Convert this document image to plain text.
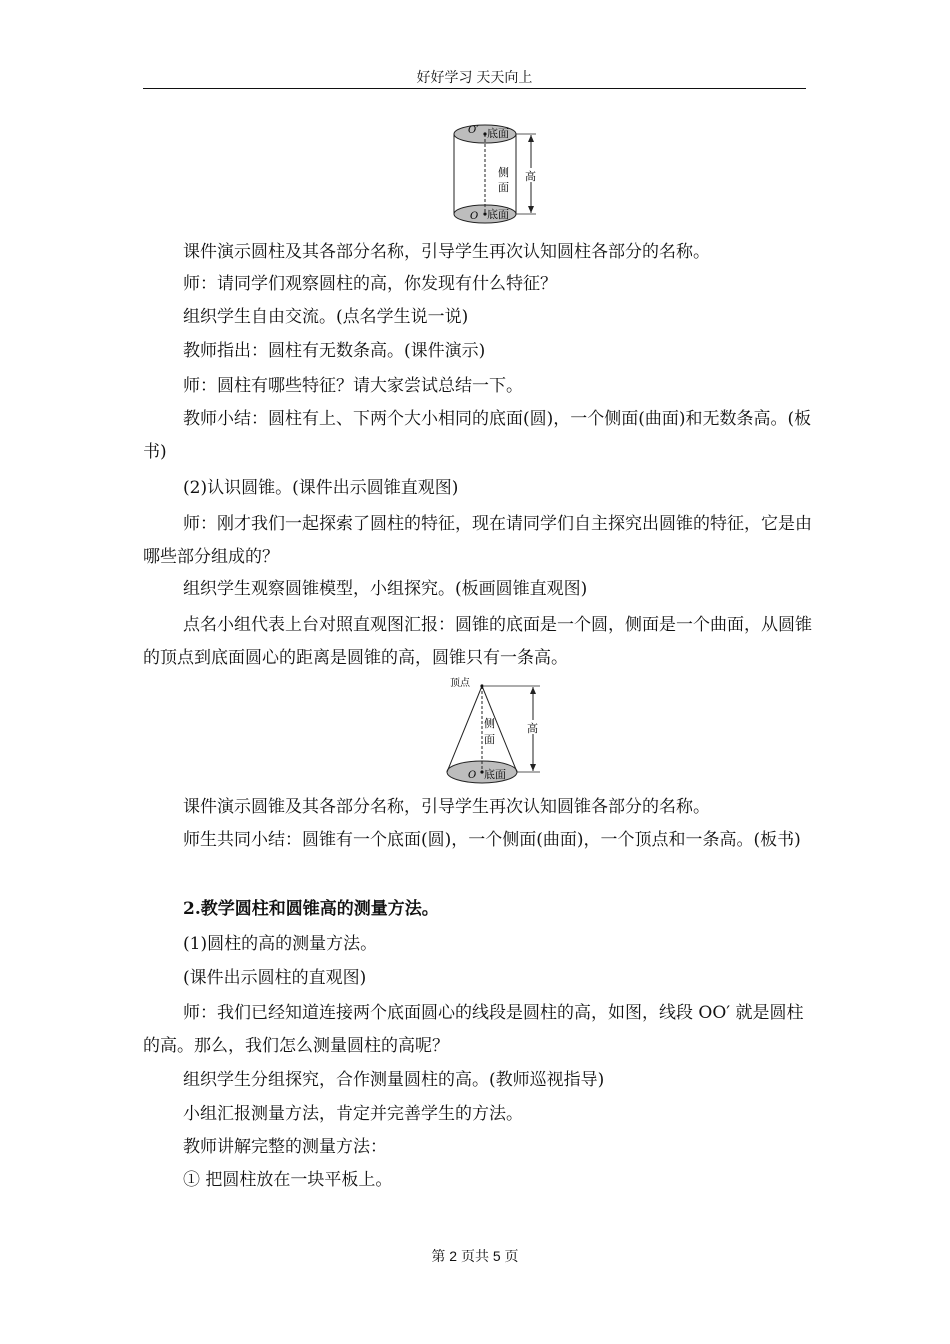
好好学习 天天向上
O′ 底面
侧
面
高
O 底面

课件演示圆柱及其各部分名称，引导学生再次认知圆柱各部分的名称。

师：请同学们观察圆柱的高，你发现有什么特征？

组织学生自由交流。(点名学生说一说)

教师指出：圆柱有无数条高。(课件演示)

师：圆柱有哪些特征？请大家尝试总结一下。

教师小结：圆柱有上、下两个大小相同的底面(圆)，一个侧面(曲面)和无数条高。(板书)

(2)认识圆锥。(课件出示圆锥直观图)

师：刚才我们一起探索了圆柱的特征，现在请同学们自主探究出圆锥的特征，它是由哪些部分组成的？

组织学生观察圆锥模型，小组探究。(板画圆锥直观图)

点名小组代表上台对照直观图汇报：圆锥的底面是一个圆，侧面是一个曲面，从圆锥的顶点到底面圆心的距离是圆锥的高，圆锥只有一条高。

顶点
侧
面
高
O 底面

课件演示圆锥及其各部分名称，引导学生再次认知圆锥各部分的名称。

师生共同小结：圆锥有一个底面(圆)，一个侧面(曲面)，一个顶点和一条高。(板书)

2.教学圆柱和圆锥高的测量方法。

(1)圆柱的高的测量方法。

(课件出示圆柱的直观图)

师：我们已经知道连接两个底面圆心的线段是圆柱的高，如图，线段 OO′ 就是圆柱的高。那么，我们怎么测量圆柱的高呢？

组织学生分组探究，合作测量圆柱的高。(教师巡视指导)

小组汇报测量方法，肯定并完善学生的方法。

教师讲解完整的测量方法：

① 把圆柱放在一块平板上。

第 2 页共 5 页
